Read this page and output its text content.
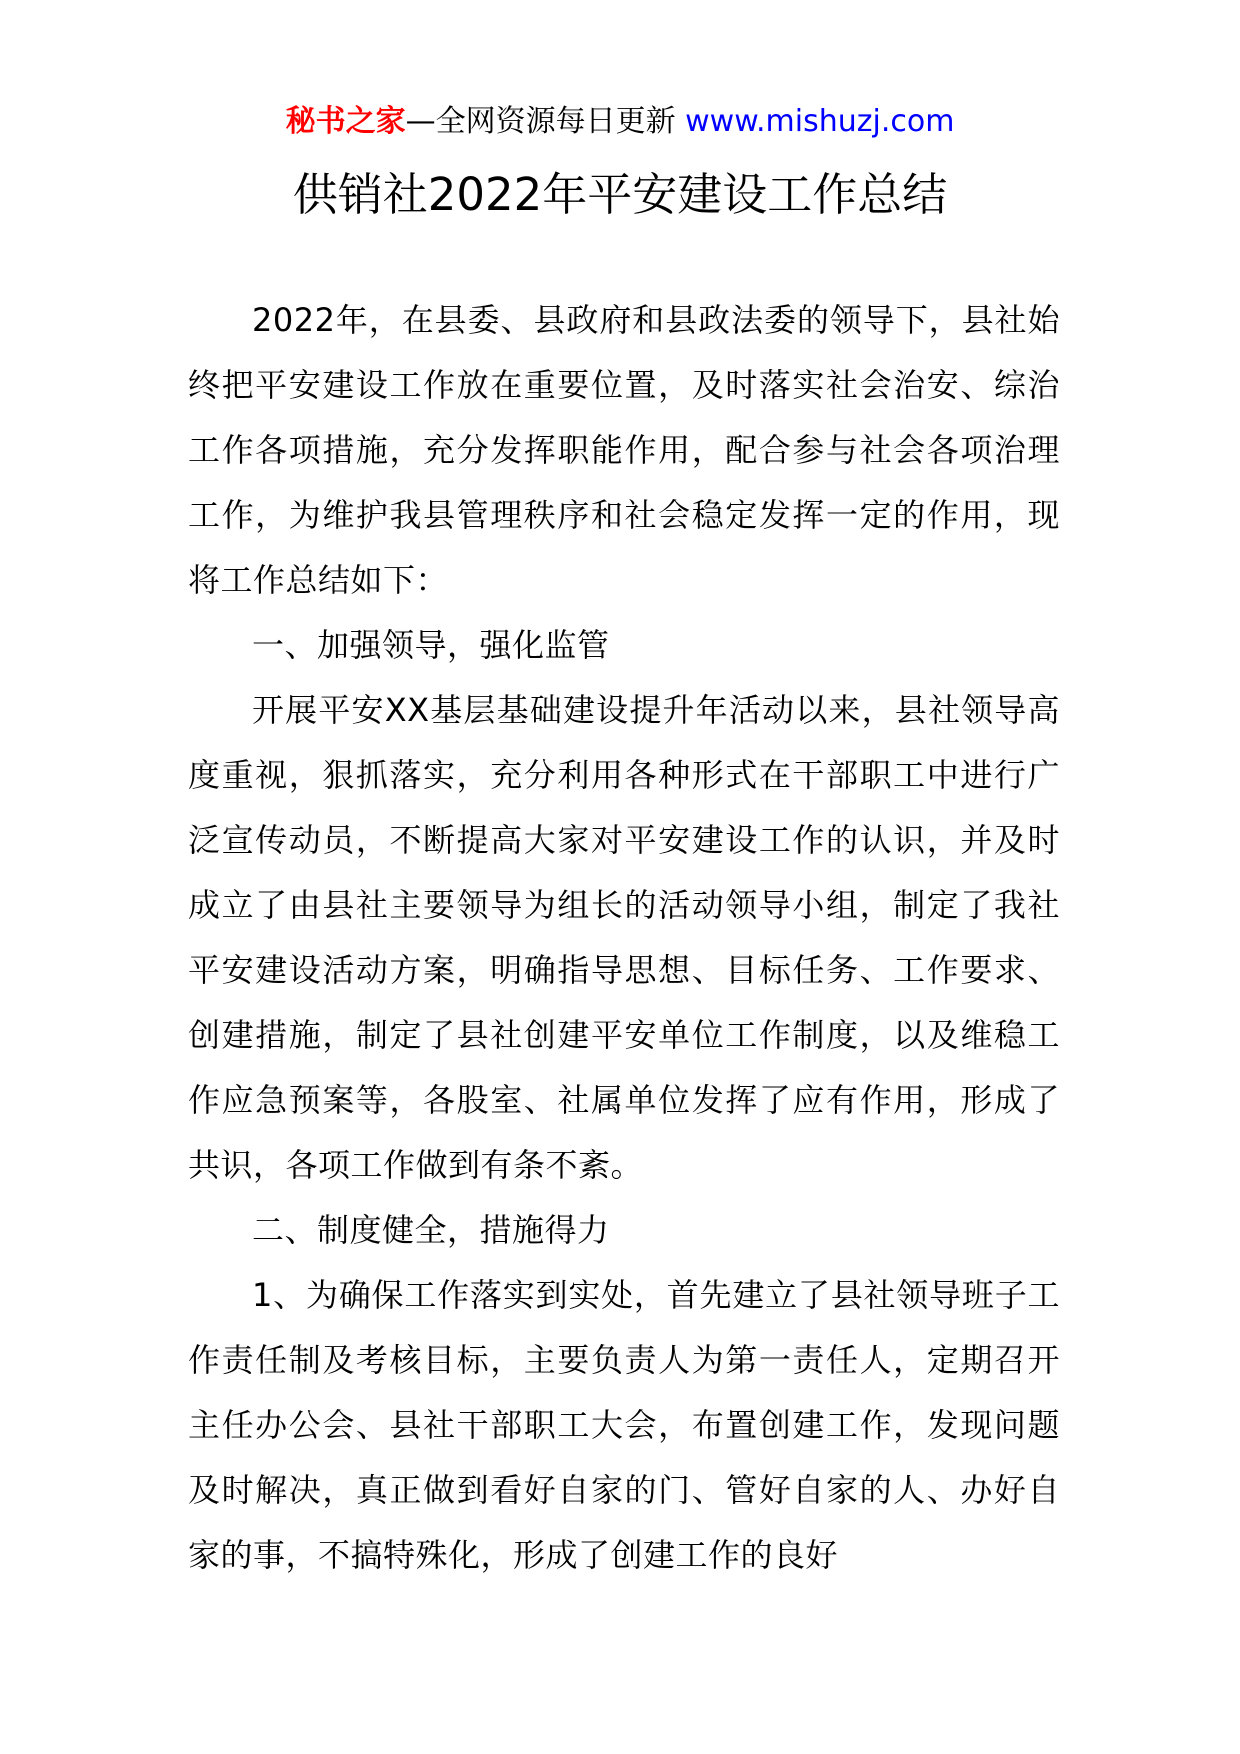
秘书之家—全网资源每日更新 www.mishuzj.com
供销社2022年平安建设工作总结

2022年，在县委、县政府和县政法委的领导下，县社始终把平安建设工作放在重要位置，及时落实社会治安、综治工作各项措施，充分发挥职能作用，配合参与社会各项治理工作，为维护我县管理秩序和社会稳定发挥一定的作用，现将工作总结如下：

一、加强领导，强化监管

开展平安XX基层基础建设提升年活动以来，县社领导高度重视，狠抓落实，充分利用各种形式在干部职工中进行广泛宣传动员，不断提高大家对平安建设工作的认识，并及时成立了由县社主要领导为组长的活动领导小组，制定了我社平安建设活动方案，明确指导思想、目标任务、工作要求、创建措施，制定了县社创建平安单位工作制度，以及维稳工作应急预案等，各股室、社属单位发挥了应有作用，形成了共识，各项工作做到有条不紊。

二、制度健全，措施得力

1、为确保工作落实到实处，首先建立了县社领导班子工作责任制及考核目标，主要负责人为第一责任人，定期召开主任办公会、县社干部职工大会，布置创建工作，发现问题及时解决，真正做到看好自家的门、管好自家的人、办好自家的事，不搞特殊化，形成了创建工作的良好
